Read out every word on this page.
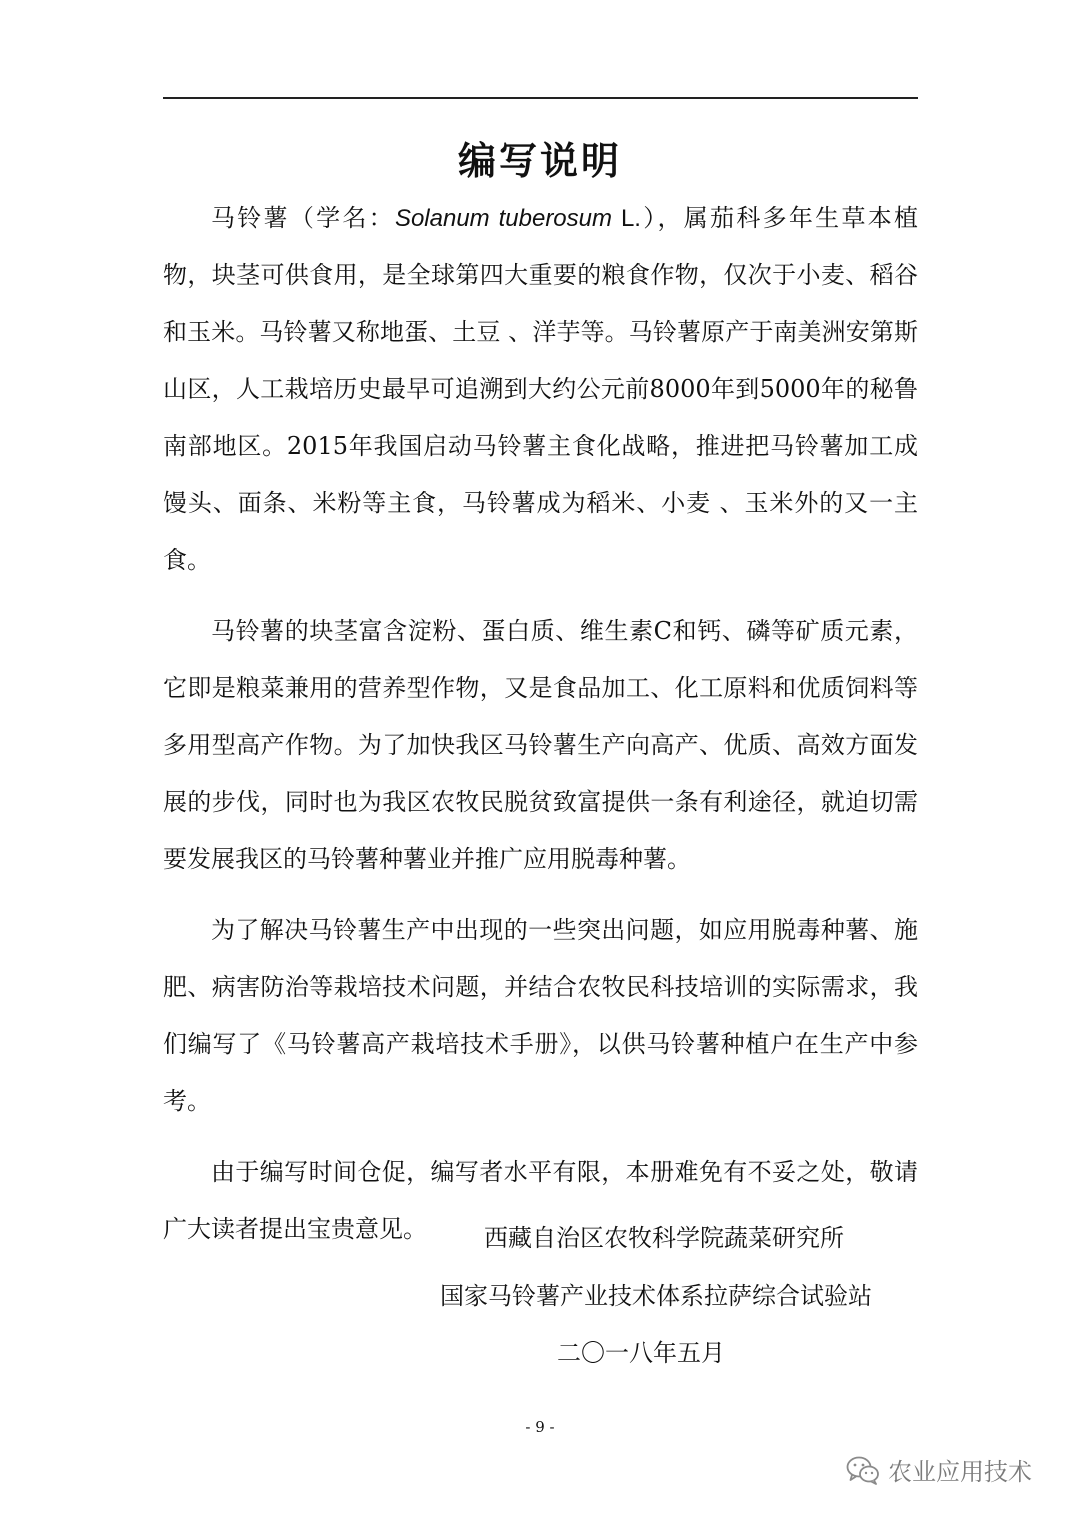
编写说明

马铃薯（学名：Solanum tuberosum L.），属茄科多年生草本植物，块茎可供食用，是全球第四大重要的粮食作物，仅次于小麦、稻谷和玉米。马铃薯又称地蛋、土豆 、洋芋等。马铃薯原产于南美洲安第斯山区，人工栽培历史最早可追溯到大约公元前8000年到5000年的秘鲁南部地区。2015年我国启动马铃薯主食化战略，推进把马铃薯加工成馒头、面条、米粉等主食，马铃薯成为稻米、小麦 、玉米外的又一主食。

马铃薯的块茎富含淀粉、蛋白质、维生素C和钙、磷等矿质元素，它即是粮菜兼用的营养型作物，又是食品加工、化工原料和优质饲料等多用型高产作物。为了加快我区马铃薯生产向高产、优质、高效方面发展的步伐，同时也为我区农牧民脱贫致富提供一条有利途径，就迫切需要发展我区的马铃薯种薯业并推广应用脱毒种薯。

为了解决马铃薯生产中出现的一些突出问题，如应用脱毒种薯、施肥、病害防治等栽培技术问题，并结合农牧民科技培训的实际需求，我们编写了《马铃薯高产栽培技术手册》，以供马铃薯种植户在生产中参考。

由于编写时间仓促，编写者水平有限，本册难免有不妥之处，敬请广大读者提出宝贵意见。	西藏自治区农牧科学院蔬菜研究所
国家马铃薯产业技术体系拉萨综合试验站
二〇一八年五月
- 9 -
农业应用技术
